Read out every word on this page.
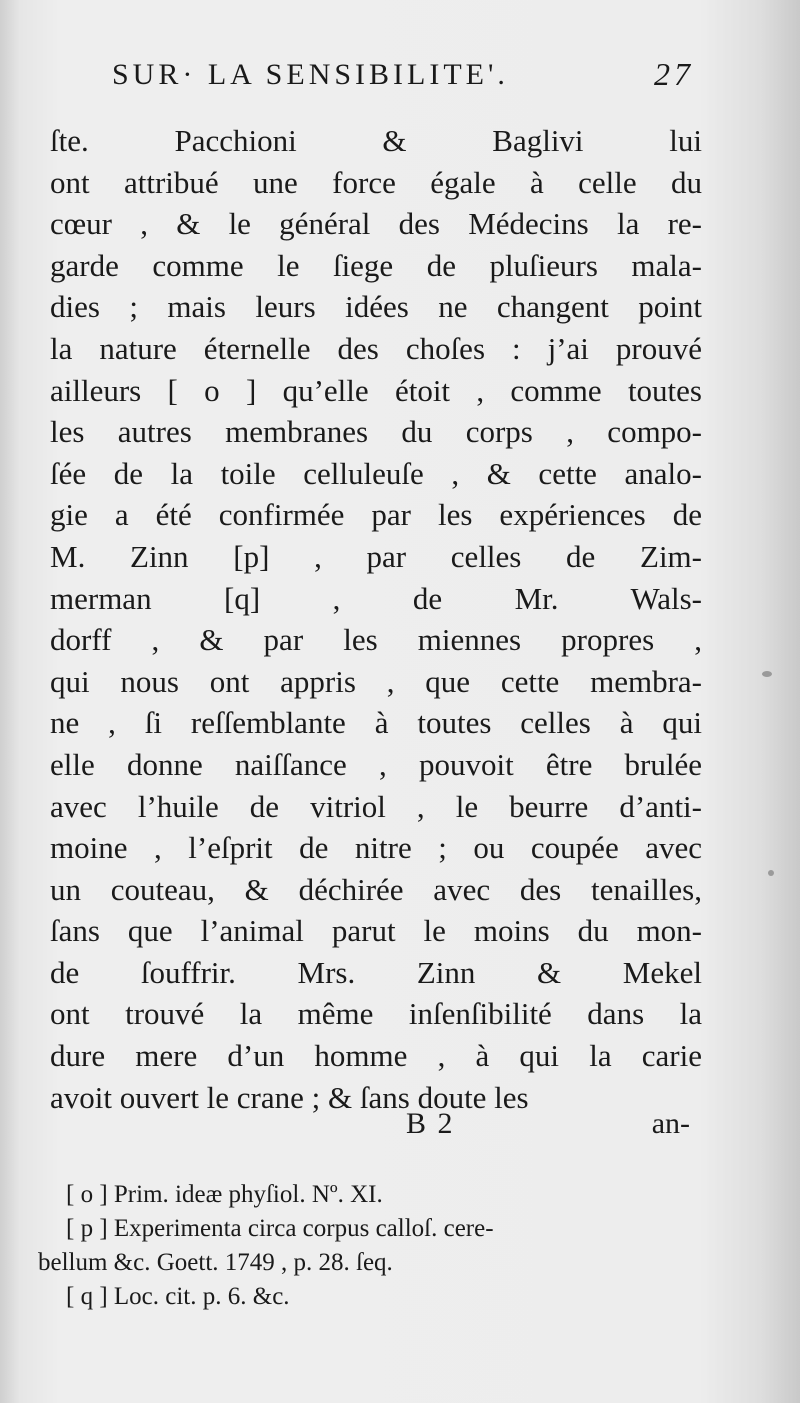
SUR· LA SENSIBILITE'.	27
ſte. Pacchioni & Baglivi lui
ont attribué une force égale à celle du
cœur , & le général des Médecins la re-
garde comme le ſiege de pluſieurs mala-
dies ; mais leurs idées ne changent point
la nature éternelle des choſes : j’ai prouvé
ailleurs [ o ] qu’elle étoit , comme toutes
les autres membranes du corps , compo-
ſée de la toile celluleuſe , & cette analo-
gie a été confirmée par les expériences de
M. Zinn [p] , par celles de Zim-
merman [q] , de Mr. Wals-
dorff , & par les miennes propres ,
qui nous ont appris , que cette membra-
ne , ſi reſſemblante à toutes celles à qui
elle donne naiſſance , pouvoit être brulée
avec l’huile de vitriol , le beurre d’anti-
moine , l’eſprit de nitre ; ou coupée avec
un couteau, & déchirée avec des tenailles,
ſans que l’animal parut le moins du mon-
de ſouffrir. Mrs. Zinn & Mekel
ont trouvé la même inſenſibilité dans la
dure mere d’un homme , à qui la carie
avoit ouvert le crane ; & ſans doute les
B 2	an-
[ o ] Prim. ideæ phyſiol. Nº. XI.
[ p ] Experimenta circa corpus calloſ. cere-
bellum &c. Goett. 1749 , p. 28. ſeq.
[ q ] Loc. cit. p. 6. &c.
